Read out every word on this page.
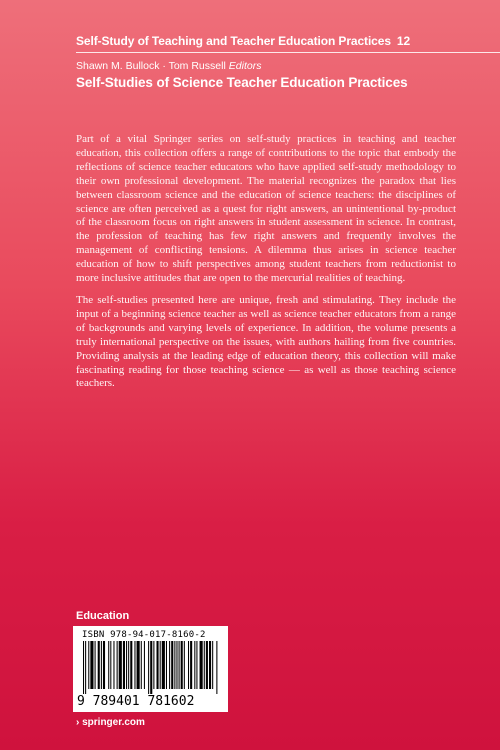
Self-Study of Teaching and Teacher Education Practices 12
Shawn M. Bullock · Tom Russell Editors
Self-Studies of Science Teacher Education Practices

Part of a vital Springer series on self-study practices in teaching and teacher education, this collection offers a range of contributions to the topic that embody the reflections of science teacher educators who have applied self-study methodology to their own professional development. The material recognizes the paradox that lies between classroom science and the education of science teachers: the disciplines of science are often perceived as a quest for right answers, an unintentional by-product of the classroom focus on right answers in student assessment in science. In contrast, the profession of teaching has few right answers and frequently involves the management of conflicting tensions. A dilemma thus arises in science teacher education of how to shift perspectives among student teachers from reductionist to more inclusive attitudes that are open to the mercurial realities of teaching.

The self-studies presented here are unique, fresh and stimulating. They include the input of a beginning science teacher as well as science teacher educators from a range of backgrounds and varying levels of experience. In addition, the volume presents a truly international perspective on the issues, with authors hailing from five countries. Providing analysis at the leading edge of education theory, this collection will make fascinating reading for those teaching science — as well as those teaching science teachers.

Education
ISBN 978-94-017-8160-2
9 789401 781602
› springer.com
